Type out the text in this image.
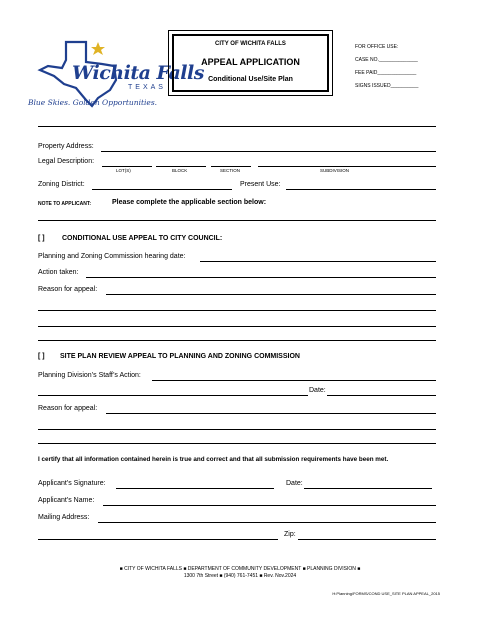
Wichita Falls
TEXAS
Blue Skies. Golden Opportunities.
CITY OF WICHITA FALLS
APPEAL APPLICATION
Conditional Use/Site Plan
FOR OFFICE USE:
CASE NO.______________
FEE PAID______________
SIGNS ISSUED__________
Property Address:
Legal Description:
LOT(S)	BLOCK	SECTION	SUBDIVISION
Zoning District:	Present Use:
NOTE TO APPLICANT:	Please complete the applicable section below:
[ ] CONDITIONAL USE APPEAL TO CITY COUNCIL:
Planning and Zoning Commission hearing date:
Action taken:
Reason for appeal:
[ ] SITE PLAN REVIEW APPEAL TO PLANNING AND ZONING COMMISSION
Planning Division’s Staff’s Action:
Date:
Reason for appeal:
I certify that all information contained herein is true and correct and that all submission requirements have been met.
Applicant’s Signature:	Date:
Applicant’s Name:
Mailing Address:
Zip:
■ CITY OF WICHITA FALLS ■ DEPARTMENT OF COMMUNITY DEVELOPMENT ■ PLANNING DIVISION ■
1300 7th Street ■ (940) 761-7451 ■ Rev. Nov.2024
H:Planning/FORMS/COND USE_SITE PLAN APPEAL_2015
